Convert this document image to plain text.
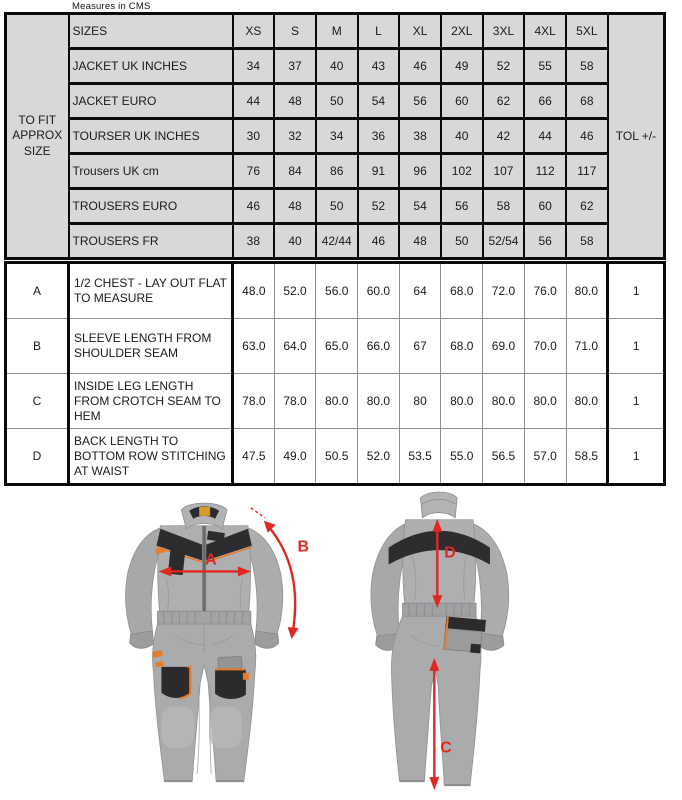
Measures in CMS
TO FIT APPROX SIZE	SIZES	XS	S	M	L	XL	2XL	3XL	4XL	5XL	TOL +/-
	JACKET UK INCHES	34	37	40	43	46	49	52	55	58	
	JACKET EURO	44	48	50	54	56	60	62	66	68	
	TOURSER UK INCHES	30	32	34	36	38	40	42	44	46	
	Trousers UK cm	76	84	86	91	96	102	107	112	117	
	TROUSERS EURO	46	48	50	52	54	56	58	60	62	
	TROUSERS FR	38	40	42/44	46	48	50	52/54	56	58	
A	1/2 CHEST - LAY OUT FLAT TO MEASURE	48.0	52.0	56.0	60.0	64	68.0	72.0	76.0	80.0	1
B	SLEEVE LENGTH FROM SHOULDER SEAM	63.0	64.0	65.0	66.0	67	68.0	69.0	70.0	71.0	1
C	INSIDE LEG LENGTH FROM CROTCH SEAM TO HEM	78.0	78.0	80.0	80.0	80	80.0	80.0	80.0	80.0	1
D	BACK LENGTH TO BOTTOM ROW STITCHING AT WAIST	47.5	49.0	50.5	52.0	53.5	55.0	56.5	57.0	58.5	1
A
B	D
C
